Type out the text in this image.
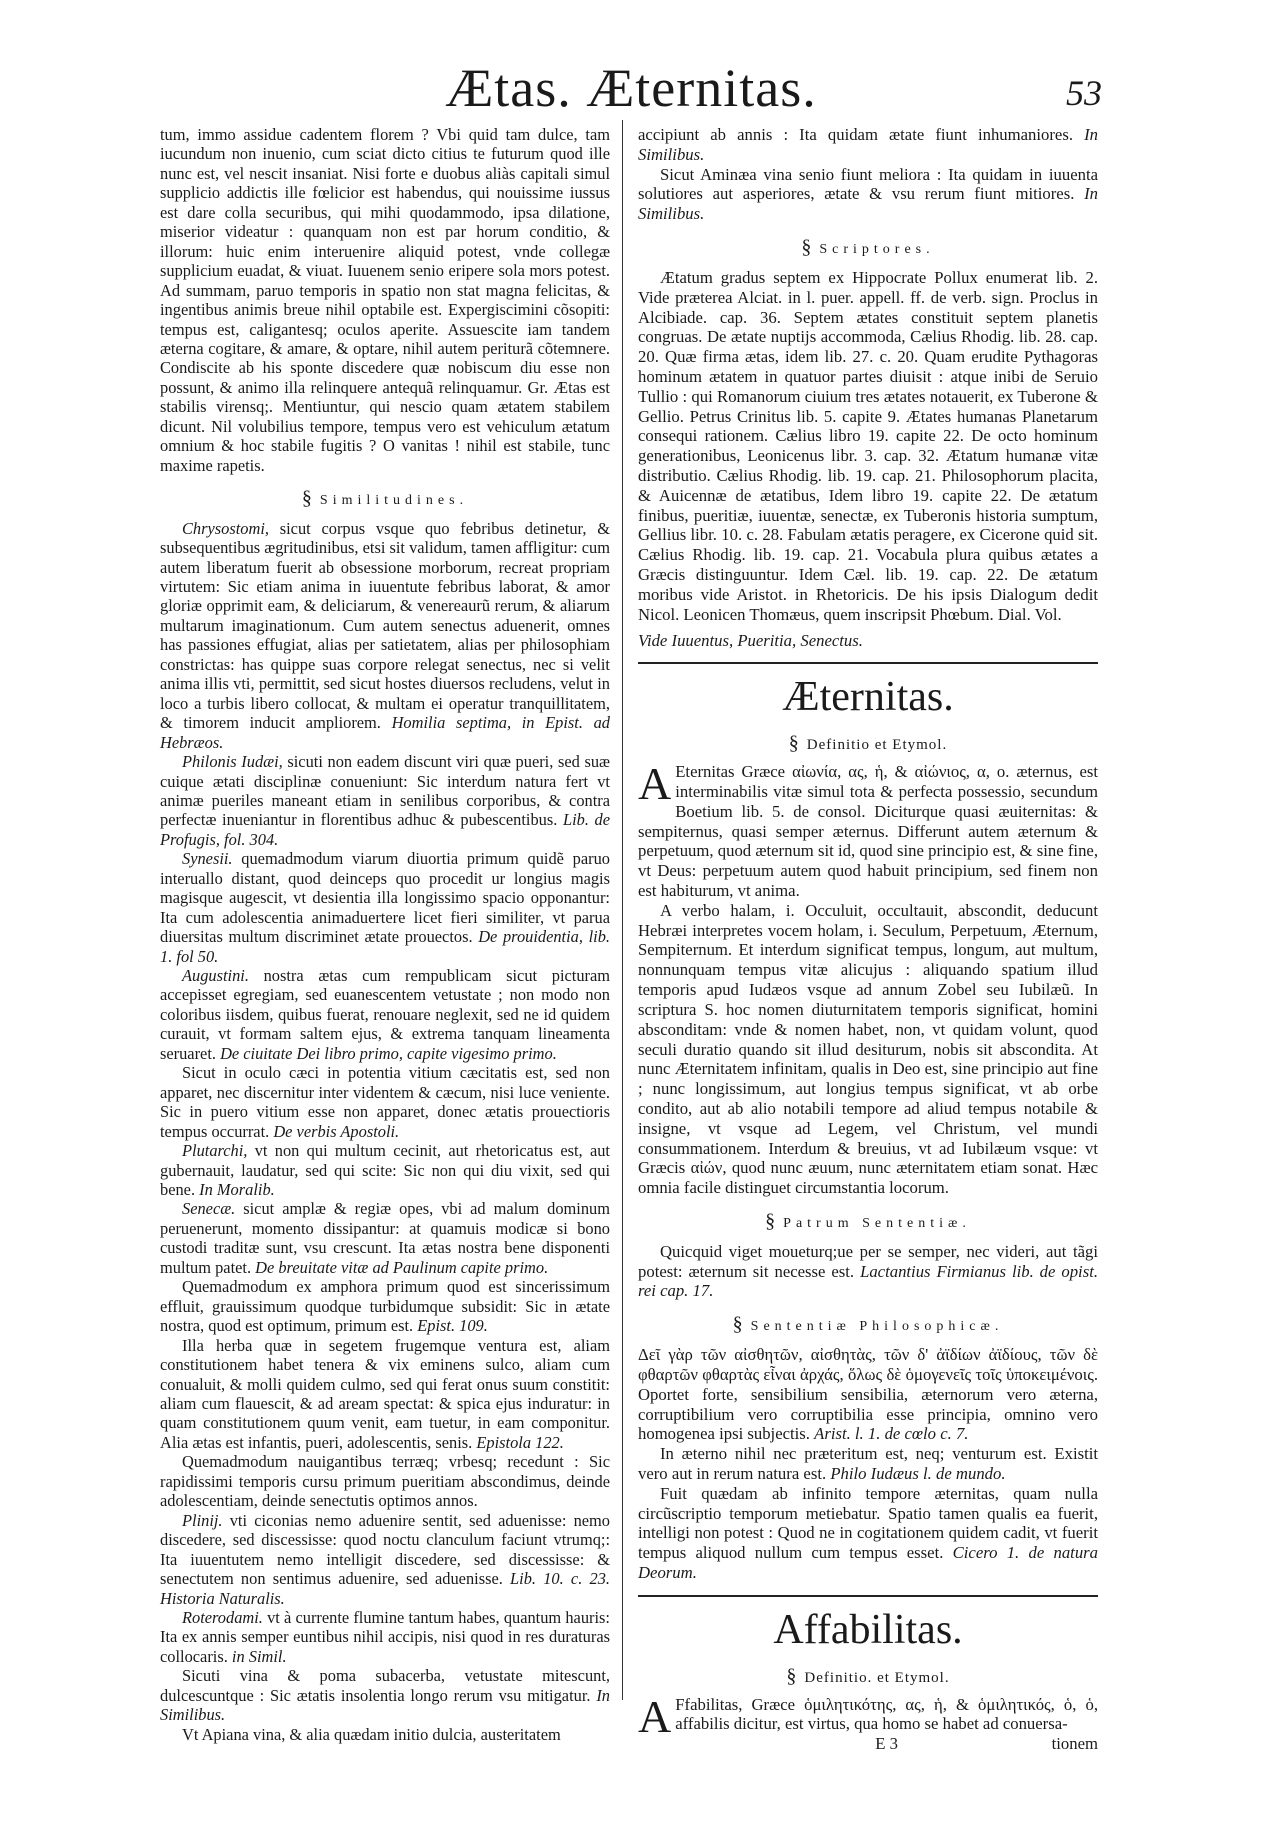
Ætas. Æternitas.	53

tum, immo assidue cadentem florem ? Vbi quid tam dulce, tam iucundum non inuenio, cum sciat dicto citius te futurum quod ille nunc est, vel nescit insaniat. Nisi forte e duobus aliàs capitali simul supplicio addictis ille fœlicior est habendus, qui nouissime iussus est dare colla securibus, qui mihi quodammodo, ipsa dilatione, miserior videatur : quanquam non est par horum conditio, & illorum: huic enim interuenire aliquid potest, vnde collegæ supplicium euadat, & viuat. Iuuenem senio eripere sola mors potest. Ad summam, paruo temporis in spatio non stat magna felicitas, & ingentibus animis breue nihil optabile est. Expergiscimini cõsopiti: tempus est, caligantesq; oculos aperite. Assuescite iam tandem æterna cogitare, & amare, & optare, nihil autem periturã cõtemnere. Condiscite ab his sponte discedere quæ nobiscum diu esse non possunt, & animo illa relinquere antequã relinquamur. Gr. Ætas est stabilis virensq;. Mentiuntur, qui nescio quam ætatem stabilem dicunt. Nil volubilius tempore, tempus vero est vehiculum ætatum omnium & hoc stabile fugitis ? O vanitas ! nihil est stabile, tunc maxime rapetis.

§ Similitudines.

Chrysostomi, sicut corpus vsque quo febribus detinetur, & subsequentibus ægritudinibus, etsi sit validum, tamen affligitur: cum autem liberatum fuerit ab obsessione morborum, recreat propriam virtutem: Sic etiam anima in iuuentute febribus laborat, & amor gloriæ opprimit eam, & deliciarum, & venereaurũ rerum, & aliarum multarum imaginationum. Cum autem senectus aduenerit, omnes has passiones effugiat, alias per satietatem, alias per philosophiam constrictas: has quippe suas corpore relegat senectus, nec si velit anima illis vti, permittit, sed sicut hostes diuersos recludens, velut in loco a turbis libero collocat, & multam ei operatur tranquillitatem, & timorem inducit ampliorem. Homilia septima, in Epist. ad Hebræos.

Philonis Iudæi, sicuti non eadem discunt viri quæ pueri, sed suæ cuique ætati disciplinæ conueniunt: Sic interdum natura fert vt animæ pueriles maneant etiam in senilibus corporibus, & contra perfectæ inueniantur in florentibus adhuc & pubescentibus. Lib. de Profugis, fol. 304.

Synesii. quemadmodum viarum diuortia primum quidẽ paruo interuallo distant, quod deinceps quo procedit ur longius magis magisque augescit, vt desientia illa longissimo spacio opponantur: Ita cum adolescentia animaduertere licet fieri similiter, vt parua diuersitas multum discriminet ætate prouectos. De prouidentia, lib. 1. fol 50.

Augustini. nostra ætas cum rempublicam sicut picturam accepisset egregiam, sed euanescentem vetustate ; non modo non coloribus iisdem, quibus fuerat, renouare neglexit, sed ne id quidem curauit, vt formam saltem ejus, & extrema tanquam lineamenta seruaret. De ciuitate Dei libro primo, capite vigesimo primo.

Sicut in oculo cæci in potentia vitium cæcitatis est, sed non apparet, nec discernitur inter videntem & cæcum, nisi luce veniente. Sic in puero vitium esse non apparet, donec ætatis prouectioris tempus occurrat. De verbis Apostoli.

Plutarchi, vt non qui multum cecinit, aut rhetoricatus est, aut gubernauit, laudatur, sed qui scite: Sic non qui diu vixit, sed qui bene. In Moralib.

Senecæ. sicut amplæ & regiæ opes, vbi ad malum dominum peruenerunt, momento dissipantur: at quamuis modicæ si bono custodi traditæ sunt, vsu crescunt. Ita ætas nostra bene disponenti multum patet. De breuitate vitæ ad Paulinum capite primo.

Quemadmodum ex amphora primum quod est sincerissimum effluit, grauissimum quodque turbidumque subsidit: Sic in ætate nostra, quod est optimum, primum est. Epist. 109.

Illa herba quæ in segetem frugemque ventura est, aliam constitutionem habet tenera & vix eminens sulco, aliam cum conualuit, & molli quidem culmo, sed qui ferat onus suum constitit: aliam cum flauescit, & ad aream spectat: & spica ejus induratur: in quam constitutionem quum venit, eam tuetur, in eam componitur. Alia ætas est infantis, pueri, adolescentis, senis. Epistola 122.

Quemadmodum nauigantibus terræq; vrbesq; recedunt : Sic rapidissimi temporis cursu primum pueritiam abscondimus, deinde adolescentiam, deinde senectutis optimos annos.

Plinij. vti ciconias nemo aduenire sentit, sed aduenisse: nemo discedere, sed discessisse: quod noctu clanculum faciunt vtrumq;: Ita iuuentutem nemo intelligit discedere, sed discessisse: & senectutem non sentimus aduenire, sed aduenisse. Lib. 10. c. 23. Historia Naturalis.

Roterodami. vt à currente flumine tantum habes, quantum hauris: Ita ex annis semper euntibus nihil accipis, nisi quod in res duraturas collocaris. in Simil.

Sicuti vina & poma subacerba, vetustate mitescunt, dulcescuntque : Sic ætatis insolentia longo rerum vsu mitigatur. In Similibus.

Vt Apiana vina, & alia quædam initio dulcia, austeritatem

accipiunt ab annis : Ita quidam ætate fiunt inhumaniores. In Similibus.

Sicut Aminæa vina senio fiunt meliora : Ita quidam in iuuenta solutiores aut asperiores, ætate & vsu rerum fiunt mitiores. In Similibus.

§ Scriptores.

Ætatum gradus septem ex Hippocrate Pollux enumerat lib. 2. Vide præterea Alciat. in l. puer. appell. ff. de verb. sign. Proclus in Alcibiade. cap. 36. Septem ætates constituit septem planetis congruas. De ætate nuptijs accommoda, Cælius Rhodig. lib. 28. cap. 20. Quæ firma ætas, idem lib. 27. c. 20. Quam erudite Pythagoras hominum ætatem in quatuor partes diuisit : atque inibi de Seruio Tullio : qui Romanorum ciuium tres ætates notauerit, ex Tuberone & Gellio. Petrus Crinitus lib. 5. capite 9. Ætates humanas Planetarum consequi rationem. Cælius libro 19. capite 22. De octo hominum generationibus, Leonicenus libr. 3. cap. 32. Ætatum humanæ vitæ distributio. Cælius Rhodig. lib. 19. cap. 21. Philosophorum placita, & Auicennæ de ætatibus, Idem libro 19. capite 22. De ætatum finibus, pueritiæ, iuuentæ, senectæ, ex Tuberonis historia sumptum, Gellius libr. 10. c. 28. Fabulam ætatis peragere, ex Cicerone quid sit. Cælius Rhodig. lib. 19. cap. 21. Vocabula plura quibus ætates a Græcis distinguuntur. Idem Cæl. lib. 19. cap. 22. De ætatum moribus vide Aristot. in Rhetoricis. De his ipsis Dialogum dedit Nicol. Leonicen Thomæus, quem inscripsit Phœbum. Dial. Vol.

Vide Iuuentus, Pueritia, Senectus.

Æternitas.
§ Definitio et Etymol.

A Eternitas Græce αἰωνία, ας, ἡ, & αἰώνιος, α, ο. æternus, est interminabilis vitæ simul tota & perfecta possessio, secundum Boetium lib. 5. de consol. Diciturque quasi æuiternitas: & sempiternus, quasi semper æternus. Differunt autem æternum & perpetuum, quod æternum sit id, quod sine principio est, & sine fine, vt Deus: perpetuum autem quod habuit principium, sed finem non est habiturum, vt anima.

A verbo halam, i. Occuluit, occultauit, abscondit, deducunt Hebræi interpretes vocem holam, i. Seculum, Perpetuum, Æternum, Sempiternum. Et interdum significat tempus, longum, aut multum, nonnunquam tempus vitæ alicujus : aliquando spatium illud temporis apud Iudæos vsque ad annum Zobel seu Iubilæũ. In scriptura S. hoc nomen diuturnitatem temporis significat, homini absconditam: vnde & nomen habet, non, vt quidam volunt, quod seculi duratio quando sit illud desiturum, nobis sit abscondita. At nunc Æternitatem infinitam, qualis in Deo est, sine principio aut fine ; nunc longissimum, aut longius tempus significat, vt ab orbe condito, aut ab alio notabili tempore ad aliud tempus notabile & insigne, vt vsque ad Legem, vel Christum, vel mundi consummationem. Interdum & breuius, vt ad Iubilæum vsque: vt Græcis αἰών, quod nunc æuum, nunc æternitatem etiam sonat. Hæc omnia facile distinguet circumstantia locorum.

§ Patrum Sententiæ.

Quicquid viget moueturq;ue per se semper, nec videri, aut tãgi potest: æternum sit necesse est. Lactantius Firmianus lib. de opist. rei cap. 17.

§ Sententiæ Philosophicæ.

Δεῖ γὰρ τῶν αἰσθητῶν, αἰσθητὰς, τῶν δ' ἀϊδίων ἀϊδίους, τῶν δὲ φθαρτῶν φθαρτὰς εἶναι ἀρχάς, ὅλως δὲ ὁμογενεῖς τοῖς ὑποκειμένοις. Oportet forte, sensibilium sensibilia, æternorum vero æterna, corruptibilium vero corruptibilia esse principia, omnino vero homogenea ipsi subjectis. Arist. l. 1. de cœlo c. 7.

In æterno nihil nec præteritum est, neq; venturum est. Existit vero aut in rerum natura est. Philo Iudæus l. de mundo.

Fuit quædam ab infinito tempore æternitas, quam nulla circũscriptio temporum metiebatur. Spatio tamen qualis ea fuerit, intelligi non potest : Quod ne in cogitationem quidem cadit, vt fuerit tempus aliquod nullum cum tempus esset. Cicero 1. de natura Deorum.

Affabilitas.
§ Definitio. et Etymol.

A Ffabilitas, Græce ὁμιλητικότης, ας, ἡ, & ὁμιλητικός, ὁ, ὁ, affabilis dicitur, est virtus, qua homo se habet ad conuersa-

E 3	tionem
